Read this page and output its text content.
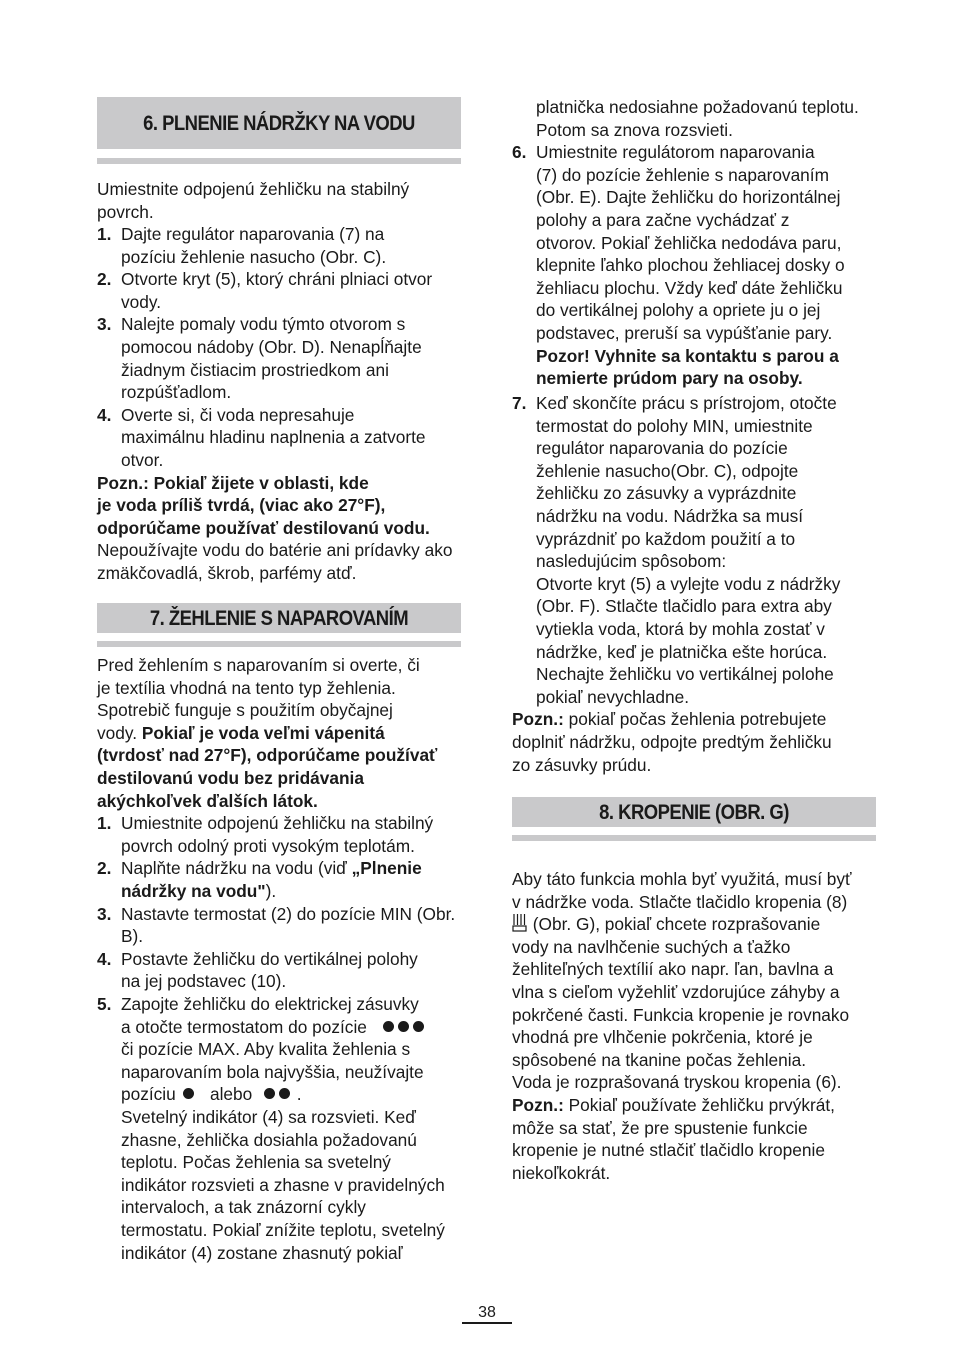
6. PLNENIE NÁDRŽKY NA VODU
Umiestnite odpojenú žehličku na stabilný
povrch.
1. Dajte regulátor naparovania (7) na
pozíciu žehlenie nasucho (Obr. C).
2. Otvorte kryt (5), ktorý chráni plniaci otvor
vody.
3. Nalejte pomaly vodu týmto otvorom s
pomocou nádoby (Obr. D). Nenapĺňajte
žiadnym čistiacim prostriedkom ani
rozpúšťadlom.
4. Overte si, či voda nepresahuje
maximálnu hladinu naplnenia a zatvorte
otvor.
Pozn.: Pokiaľ žijete v oblasti, kde
je voda príliš tvrdá, (viac ako 27°F),
odporúčame používať destilovanú vodu.
Nepoužívajte vodu do batérie ani prídavky ako
zmäkčovadlá, škrob, parfémy atď.
7. ŽEHLENIE S NAPAROVANÍM
Pred žehlením s naparovaním si overte, či
je textília vhodná na tento typ žehlenia.
Spotrebič funguje s použitím obyčajnej
vody. Pokiaľ je voda veľmi vápenitá
(tvrdosť nad 27°F), odporúčame používať
destilovanú vodu bez pridávania
akýchkoľvek ďalších látok.
1. Umiestnite odpojenú žehličku na stabilný
povrch odolný proti vysokým teplotám.
2. Naplňte nádržku na vodu (viď „Plnenie
nádržky na vodu").
3. Nastavte termostat (2) do pozície MIN (Obr.
B).
4. Postavte žehličku do vertikálnej polohy
na jej podstavec (10).
5. Zapojte žehličku do elektrickej zásuvky
a otočte termostatom do pozície
či pozície MAX. Aby kvalita žehlenia s
naparovaním bola najvyššia, neužívajte
pozíciu alebo	.
Svetelný indikátor (4) sa rozsvieti. Keď
zhasne, žehlička dosiahla požadovanú
teplotu. Počas žehlenia sa svetelný
indikátor rozsvieti a zhasne v pravidelných
intervaloch, a tak znázorní cykly
termostatu. Pokiaľ znížite teplotu, svetelný
indikátor (4) zostane zhasnutý pokiaľ
platnička nedosiahne požadovanú teplotu.
Potom sa znova rozsvieti.
6. Umiestnite regulátorom naparovania
(7) do pozície žehlenie s naparovaním
(Obr. E). Dajte žehličku do horizontálnej
polohy a para začne vychádzať z
otvorov. Pokiaľ žehlička nedodáva paru,
klepnite ľahko plochou žehliacej dosky o
žehliacu plochu. Vždy keď dáte žehličku
do vertikálnej polohy a opriete ju o jej
podstavec, preruší sa vypúšťanie pary.
Pozor! Vyhnite sa kontaktu s parou a
nemierte prúdom pary na osoby.
7. Keď skončíte prácu s prístrojom, otočte
termostat do polohy MIN, umiestnite
regulátor naparovania do pozície
žehlenie nasucho(Obr. C), odpojte
žehličku zo zásuvky a vyprázdnite
nádržku na vodu. Nádržka sa musí
vyprázdniť po každom použití a to
nasledujúcim spôsobom:
Otvorte kryt (5) a vylejte vodu z nádržky
(Obr. F). Stlačte tlačidlo para extra aby
vytiekla voda, ktorá by mohla zostať v
nádržke, keď je platnička ešte horúca.
Nechajte žehličku vo vertikálnej polohe
pokiaľ nevychladne.
Pozn.: pokiaľ počas žehlenia potrebujete
doplniť nádržku, odpojte predtým žehličku
zo zásuvky prúdu.
8. KROPENIE (OBR. G)
Aby táto funkcia mohla byť využitá, musí byť
v nádržke voda. Stlačte tlačidlo kropenia (8)
(Obr. G), pokiaľ chcete rozprašovanie
vody na navlhčenie suchých a ťažko
žehliteľných textílií ako napr. ľan, bavlna a
vlna s cieľom vyžehliť vzdorujúce záhyby a
pokrčené časti. Funkcia kropenie je rovnako
vhodná pre vlhčenie pokrčenia, ktoré je
spôsobené na tkanine počas žehlenia.
Voda je rozprašovaná tryskou kropenia (6).
Pozn.: Pokiaľ používate žehličku prvýkrát,
môže sa stať, že pre spustenie funkcie
kropenie je nutné stlačiť tlačidlo kropenie
niekoľkokrát.
38
